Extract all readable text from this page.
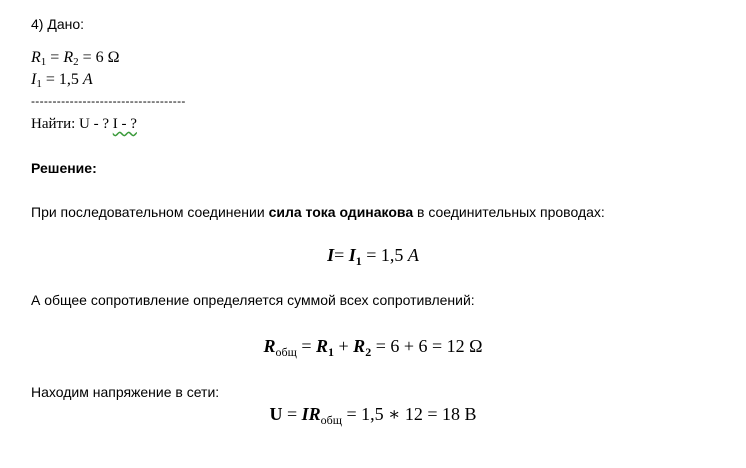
4) Дано:
$R_1 = R_2 = 6$ Ω
$I_1 = 1,5$ A
------------------------------------
Найти: U - ? I - ?
Решение:
При последовательном соединении сила тока одинакова в соединительных проводах:
$I= I_1 = 1,5$ A
А общее сопротивление определяется суммой всех сопротивлений:
$R_{общ} = R_1 + R_2 = 6 + 6 = 12$ Ω
Находим напряжение в сети:
$U = IR_{общ} = 1,5$ ∗ 12 = 18 В
